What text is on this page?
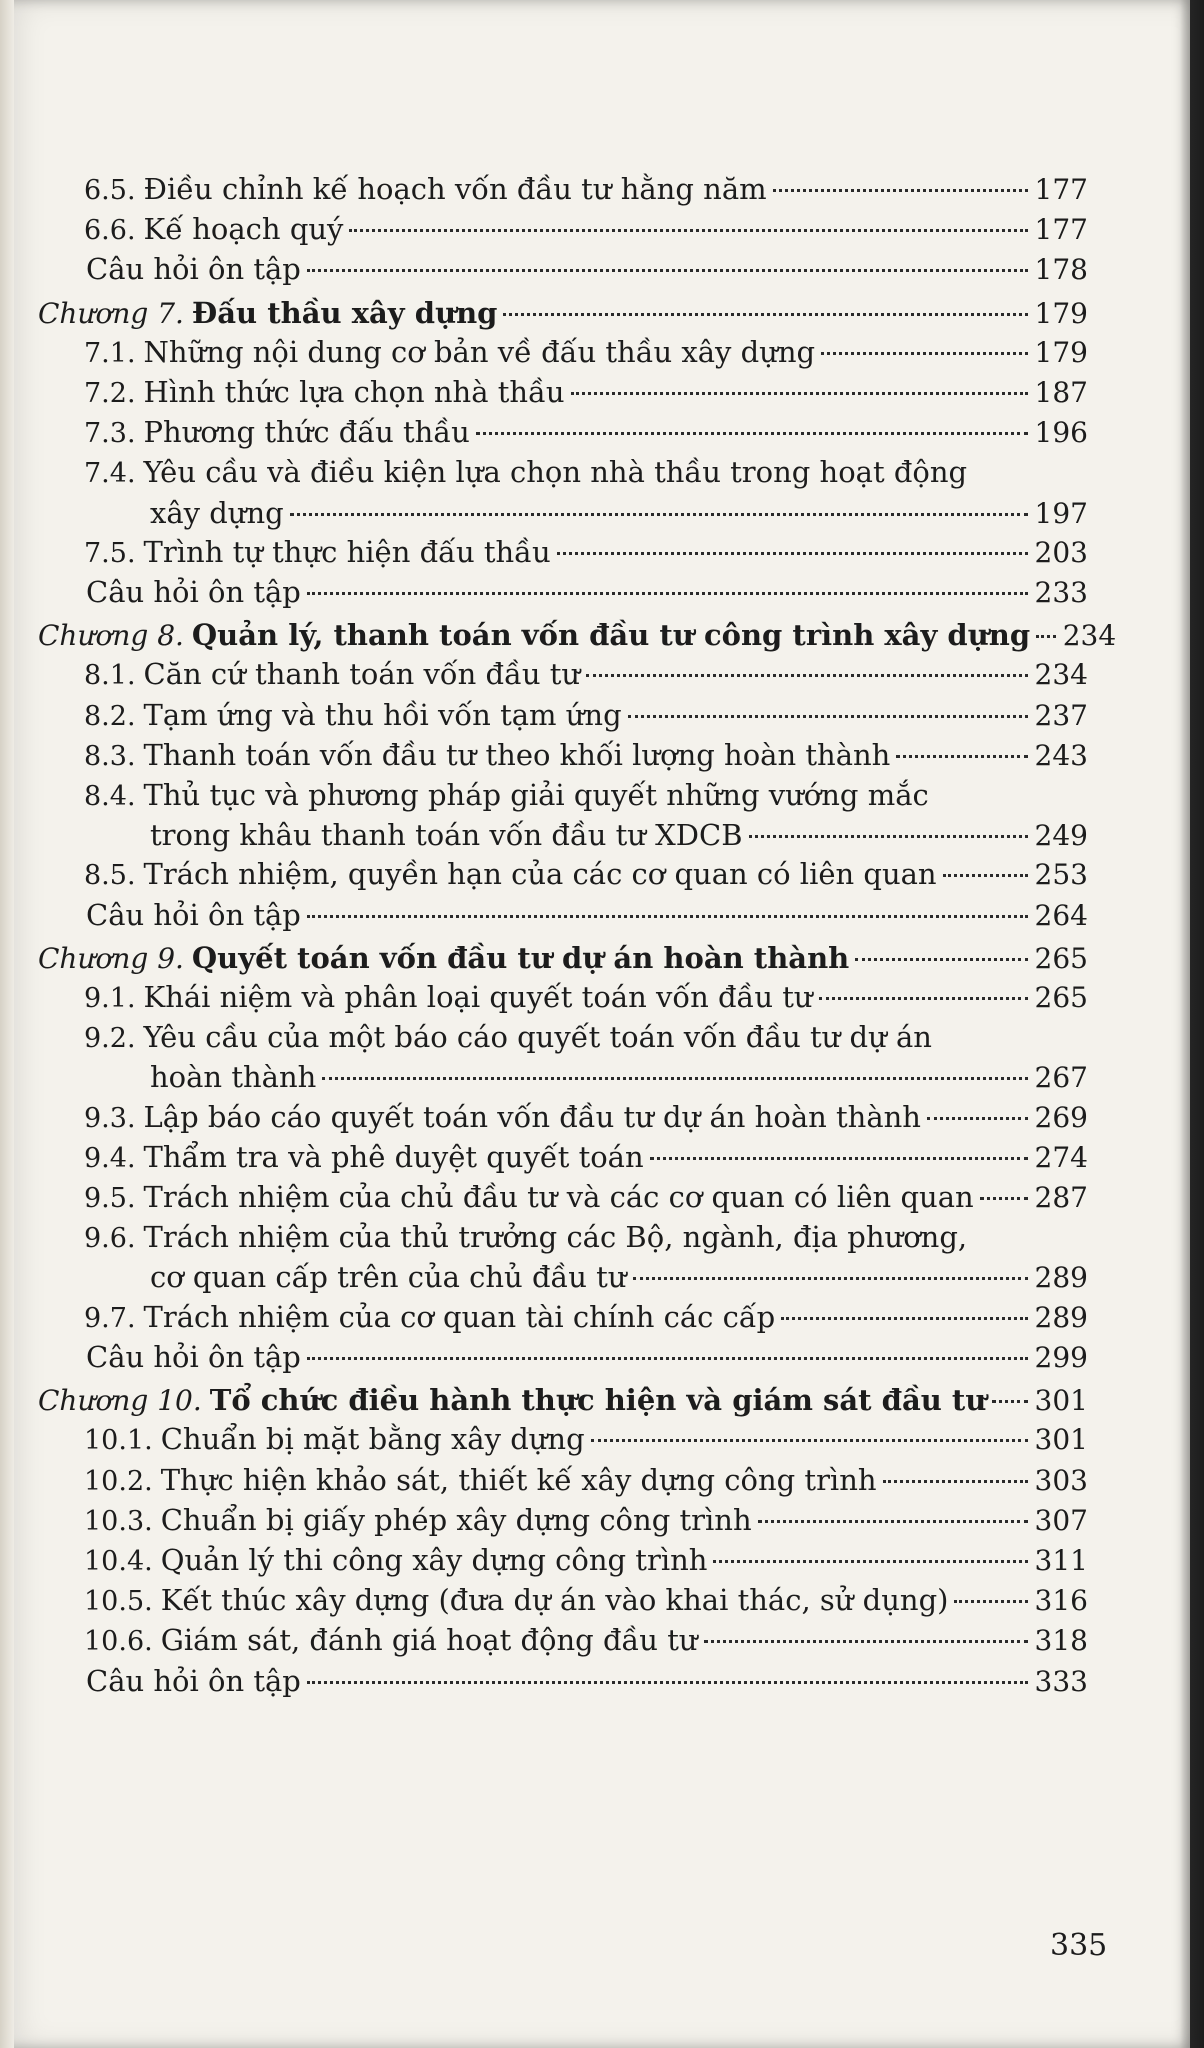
6.5. Điều chỉnh kế hoạch vốn đầu tư hằng năm	177
6.6. Kế hoạch quý	177
Câu hỏi ôn tập	178
Chương 7. Đấu thầu xây dựng	179
7.1. Những nội dung cơ bản về đấu thầu xây dựng	179
7.2. Hình thức lựa chọn nhà thầu	187
7.3. Phương thức đấu thầu	196
7.4. Yêu cầu và điều kiện lựa chọn nhà thầu trong hoạt động
xây dựng	197
7.5. Trình tự thực hiện đấu thầu	203
Câu hỏi ôn tập	233
Chương 8. Quản lý, thanh toán vốn đầu tư công trình xây dựng 234
8.1. Căn cứ thanh toán vốn đầu tư	234
8.2. Tạm ứng và thu hồi vốn tạm ứng	237
8.3. Thanh toán vốn đầu tư theo khối lượng hoàn thành	243
8.4. Thủ tục và phương pháp giải quyết những vướng mắc
trong khâu thanh toán vốn đầu tư XDCB	249
8.5. Trách nhiệm, quyền hạn của các cơ quan có liên quan	253
Câu hỏi ôn tập	264
Chương 9. Quyết toán vốn đầu tư dự án hoàn thành	265
9.1. Khái niệm và phân loại quyết toán vốn đầu tư	265
9.2. Yêu cầu của một báo cáo quyết toán vốn đầu tư dự án
hoàn thành	267
9.3. Lập báo cáo quyết toán vốn đầu tư dự án hoàn thành	269
9.4. Thẩm tra và phê duyệt quyết toán	274
9.5. Trách nhiệm của chủ đầu tư và các cơ quan có liên quan 287
9.6. Trách nhiệm của thủ trưởng các Bộ, ngành, địa phương,
cơ quan cấp trên của chủ đầu tư	289
9.7. Trách nhiệm của cơ quan tài chính các cấp	289
Câu hỏi ôn tập	299
Chương 10. Tổ chức điều hành thực hiện và giám sát đầu tư 301
10.1. Chuẩn bị mặt bằng xây dựng	301
10.2. Thực hiện khảo sát, thiết kế xây dựng công trình	303
10.3. Chuẩn bị giấy phép xây dựng công trình	307
10.4. Quản lý thi công xây dựng công trình	311
10.5. Kết thúc xây dựng (đưa dự án vào khai thác, sử dụng)	316
10.6. Giám sát, đánh giá hoạt động đầu tư	318
Câu hỏi ôn tập	333
335
